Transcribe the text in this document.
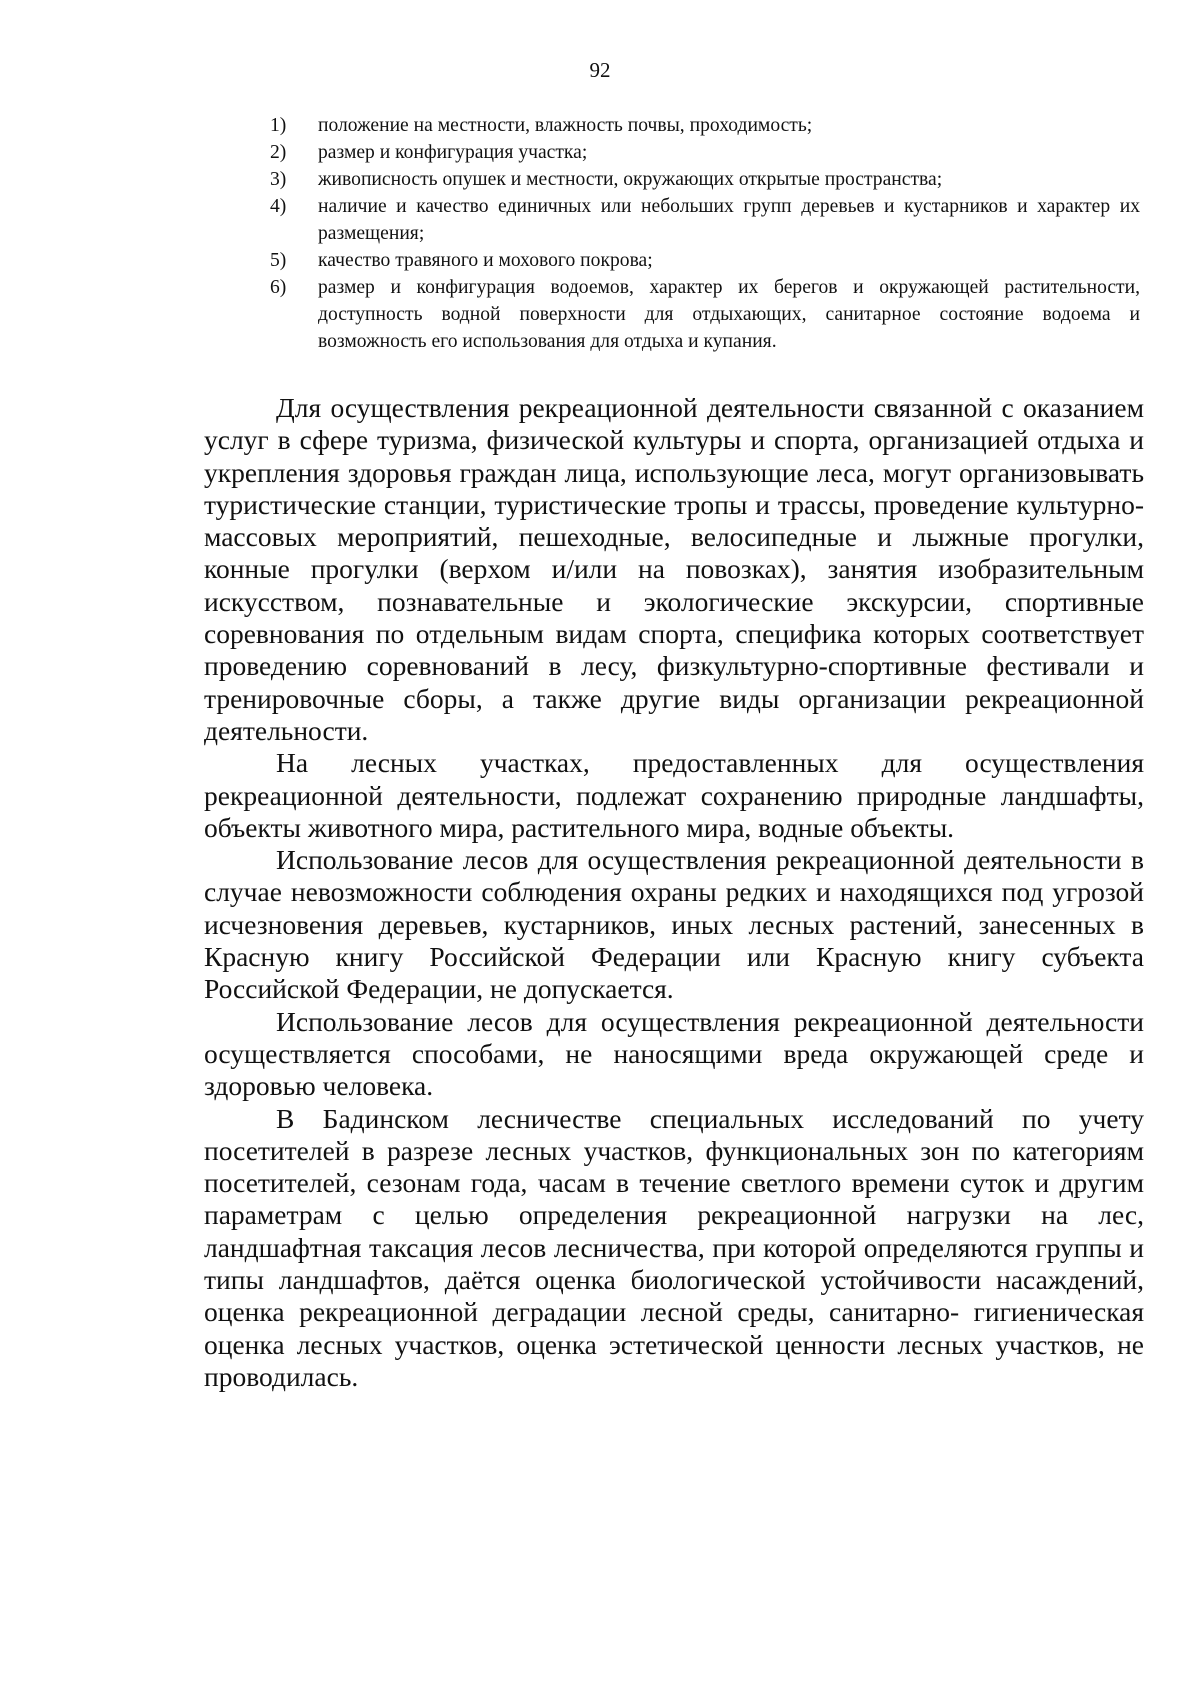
92
1)	положение на местности, влажность почвы, проходимость;
2)	размер и конфигурация участка;
3)	живописность опушек и местности, окружающих открытые пространства;
4)	наличие и качество единичных или небольших групп деревьев и кустарников и характер их размещения;
5)	качество травяного и мохового покрова;
6)	размер и конфигурация водоемов, характер их берегов и окружающей растительности, доступность водной поверхности для отдыхающих, санитарное состояние водоема и возможность его использования для отдыха и купания.

Для осуществления рекреационной деятельности связанной с оказанием услуг в сфере туризма, физической культуры и спорта, организацией отдыха и укрепления здоровья граждан лица, использующие леса, могут организовывать туристические станции, туристические тропы и трассы, проведение культурно-массовых мероприятий, пешеходные, велосипедные и лыжные прогулки, конные прогулки (верхом и/или на повозках), занятия изобразительным искусством, познавательные и экологические экскурсии, спортивные соревнования по отдельным видам спорта, специфика которых соответствует проведению соревнований в лесу, физкультурно-спортивные фестивали и тренировочные сборы, а также другие виды организации рекреационной деятельности.

На лесных участках, предоставленных для осуществления рекреационной деятельности, подлежат сохранению природные ландшафты, объекты животного мира, растительного мира, водные объекты.

Использование лесов для осуществления рекреационной деятельности в случае невозможности соблюдения охраны редких и находящихся под угрозой исчезновения деревьев, кустарников, иных лесных растений, занесенных в Красную книгу Российской Федерации или Красную книгу субъекта Российской Федерации, не допускается.

Использование лесов для осуществления рекреационной деятельности осуществляется способами, не наносящими вреда окружающей среде и здоровью человека.

В Бадинском лесничестве специальных исследований по учету посетителей в разрезе лесных участков, функциональных зон по категориям посетителей, сезонам года, часам в течение светлого времени суток и другим параметрам с целью определения рекреационной нагрузки на лес, ландшафтная таксация лесов лесничества, при которой определяются группы и типы ландшафтов, даётся оценка биологической устойчивости насаждений, оценка рекреационной деградации лесной среды, санитарно- гигиеническая оценка лесных участков, оценка эстетической ценности лесных участков, не проводилась.
